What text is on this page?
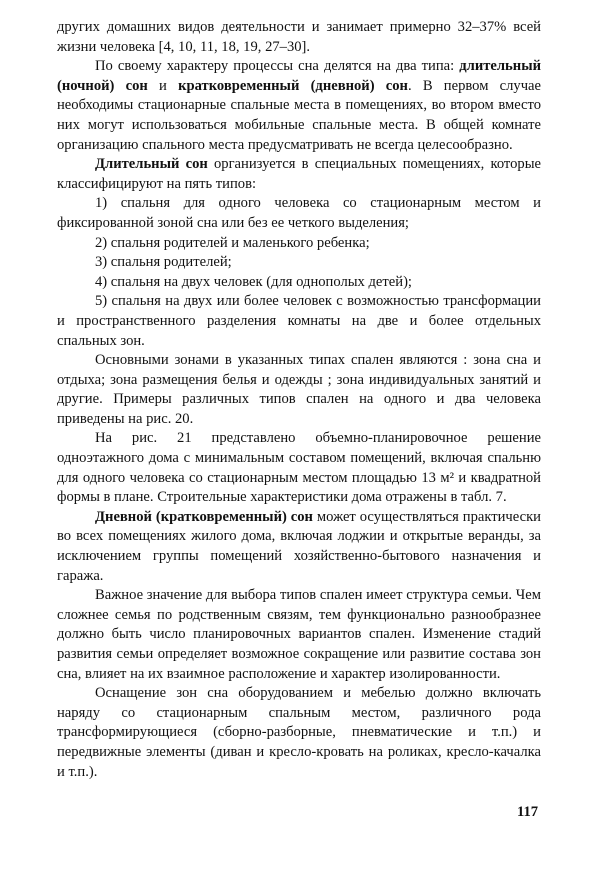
других домашних видов деятельности и занимает примерно 32–37% всей жизни человека [4, 10, 11, 18, 19, 27–30].

По своему характеру процессы сна делятся на два типа: длительный (ночной) сон и кратковременный (дневной) сон. В первом случае необходимы стационарные спальные места в помещениях, во втором вместо них могут использоваться мобильные спальные места. В общей комнате организацию спального места предусматривать не всегда целесообразно.

Длительный сон организуется в специальных помещениях, которые классифицируют на пять типов:

1) спальня для одного человека со стационарным местом и фиксированной зоной сна или без ее четкого выделения;

2) спальня родителей и маленького ребенка;

3) спальня родителей;

4) спальня на двух человек (для однополых детей);

5) спальня на двух или более человек с возможностью трансформации и пространственного разделения комнаты на две и более отдельных спальных зон.

Основными зонами в указанных типах спален являются : зона сна и отдыха; зона размещения белья и одежды ; зона индивидуальных занятий и другие. Примеры различных типов спален на одного и два человека приведены на рис. 20.

На рис. 21 представлено объемно-планировочное решение одноэтажного дома с минимальным составом помещений, включая спальню для одного человека со стационарным местом площадью 13 м² и квадратной формы в плане. Строительные характеристики дома отражены в табл. 7.

Дневной (кратковременный) сон может осуществляться практически во всех помещениях жилого дома, включая лоджии и открытые веранды, за исключением группы помещений хозяйственно-бытового назначения и гаража.

Важное значение для выбора типов спален имеет структура семьи. Чем сложнее семья по родственным связям, тем функционально разнообразнее должно быть число планировочных вариантов спален. Изменение стадий развития семьи определяет возможное сокращение или развитие состава зон сна, влияет на их взаимное расположение и характер изолированности.

Оснащение зон сна оборудованием и мебелью должно включать наряду со стационарным спальным местом, различного рода трансформирующиеся (сборно-разборные, пневматические и т.п.) и передвижные элементы (диван и кресло-кровать на роликах, кресло-качалка и т.п.).

117
